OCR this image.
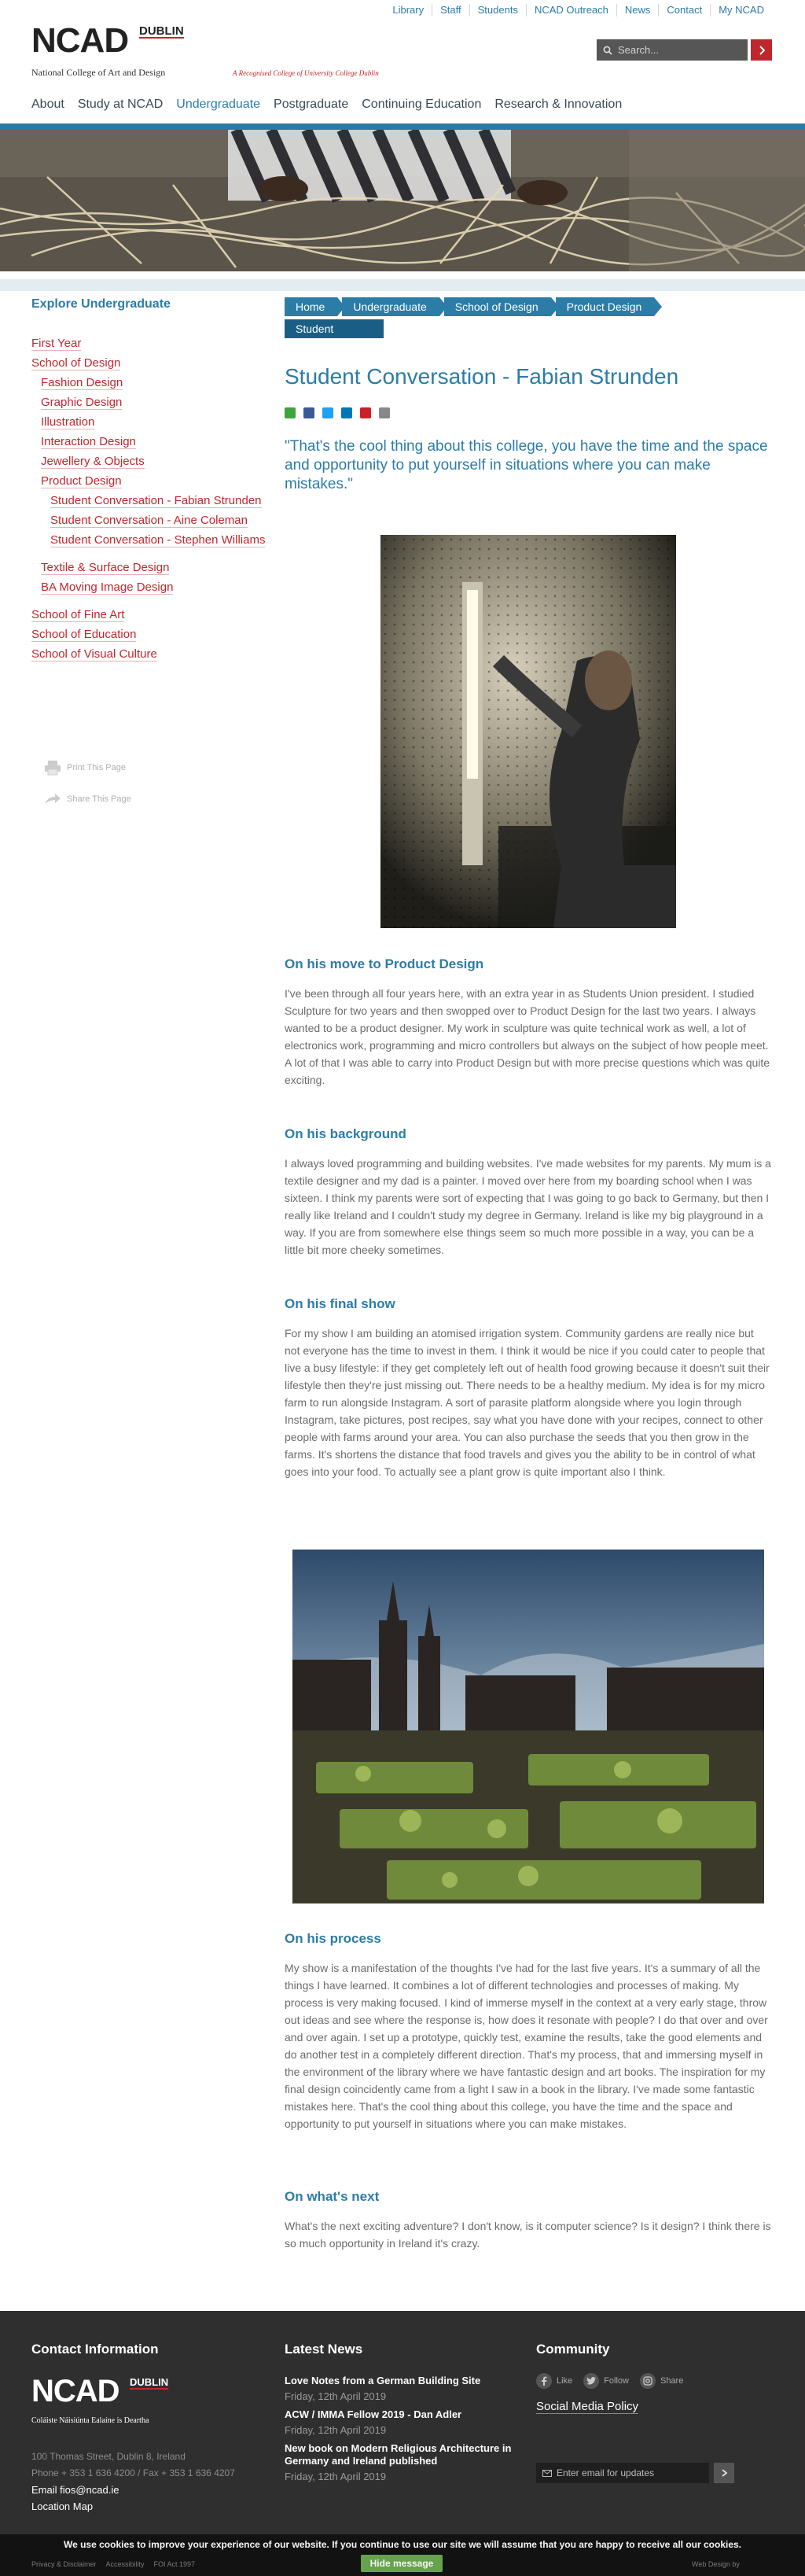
Library	Staff	Students	NCAD Outreach	News	Contact	My NCAD
NCAD DUBLIN
National College of Art and Design	A Recognised College of University College Dublin
Search...
About Study at NCAD Undergraduate Postgraduate Continuing Education Research & Innovation
Explore Undergraduate
First Year
School of Design
Fashion Design
Graphic Design
Illustration
Interaction Design
Jewellery & Objects
Product Design
Student Conversation - Fabian Strunden
Student Conversation - Aine Coleman
Student Conversation - Stephen Williams
Textile & Surface Design
BA Moving Image Design
School of Fine Art
School of Education
School of Visual Culture
Print This Page
Share This Page
Home	Undergraduate	School of Design	Product Design
Student
Student Conversation - Fabian Strunden

"That's the cool thing about this college, you have the time and the space and opportunity to put yourself in situations where you can make mistakes."

On his move to Product Design

I've been through all four years here, with an extra year in as Students Union president. I studied Sculpture for two years and then swopped over to Product Design for the last two years. I always wanted to be a product designer. My work in sculpture was quite technical work as well, a lot of electronics work, programming and micro controllers but always on the subject of how people meet. A lot of that I was able to carry into Product Design but with more precise questions which was quite exciting.

On his background

I always loved programming and building websites. I've made websites for my parents. My mum is a textile designer and my dad is a painter. I moved over here from my boarding school when I was sixteen. I think my parents were sort of expecting that I was going to go back to Germany, but then I really like Ireland and I couldn't study my degree in Germany. Ireland is like my big playground in a way. If you are from somewhere else things seem so much more possible in a way, you can be a little bit more cheeky sometimes.

On his final show

For my show I am building an atomised irrigation system. Community gardens are really nice but not everyone has the time to invest in them. I think it would be nice if you could cater to people that live a busy lifestyle: if they get completely left out of health food growing because it doesn't suit their lifestyle then they're just missing out. There needs to be a healthy medium. My idea is for my micro farm to run alongside Instagram. A sort of parasite platform alongside where you login through Instagram, take pictures, post recipes, say what you have done with your recipes, connect to other people with farms around your area. You can also purchase the seeds that you then grow in the farms. It's shortens the distance that food travels and gives you the ability to be in control of what goes into your food. To actually see a plant grow is quite important also I think.

On his process

My show is a manifestation of the thoughts I've had for the last five years. It's a summary of all the things I have learned. It combines a lot of different technologies and processes of making. My process is very making focused. I kind of immerse myself in the context at a very early stage, throw out ideas and see where the response is, how does it resonate with people? I do that over and over and over again. I set up a prototype, quickly test, examine the results, take the good elements and do another test in a completely different direction. That's my process, that and immersing myself in the environment of the library where we have fantastic design and art books. The inspiration for my final design coincidently came from a light I saw in a book in the library. I've made some fantastic mistakes here. That's the cool thing about this college, you have the time and the space and opportunity to put yourself in situations where you can make mistakes.

On what's next

What's the next exciting adventure? I don't know, is it computer science? Is it design? I think there is so much opportunity in Ireland it's crazy.

Contact Information
NCAD	DUBLIN
Coláiste Náisiúnta Ealaíne is Deartha
100 Thomas Street, Dublin 8, Ireland
Phone + 353 1 636 4200 / Fax + 353 1 636 4207
Email fios@ncad.ie
Location Map
Latest News
Love Notes from a German Building Site
Friday, 12th April 2019
ACW / IMMA Fellow 2019 - Dan Adler
Friday, 12th April 2019
New book on Modern Religious Architecture in Germany and Ireland published
Friday, 12th April 2019
Community
Like	Follow	Share
Social Media Policy
Enter email for updates
We use cookies to improve your experience of our website. If you continue to use our site we will assume that you are happy to receive all our cookies.
Hide message
Privacy & Disclaimer Accessibility FOI Act 1997	Web Design by
